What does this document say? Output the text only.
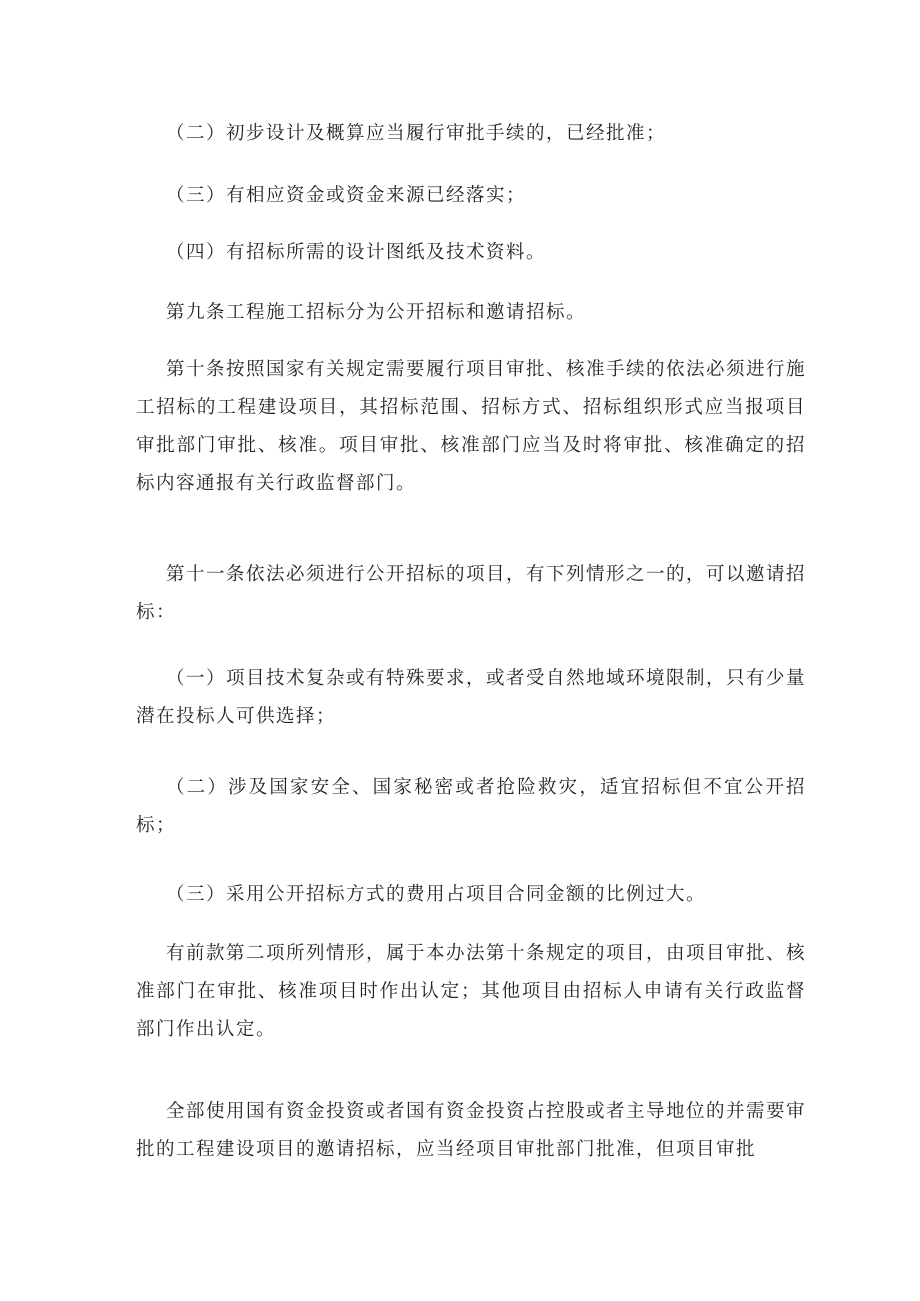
（二）初步设计及概算应当履行审批手续的，已经批准；

（三）有相应资金或资金来源已经落实；

（四）有招标所需的设计图纸及技术资料。

第九条工程施工招标分为公开招标和邀请招标。

第十条按照国家有关规定需要履行项目审批、核准手续的依法必须进行施工招标的工程建设项目，其招标范围、招标方式、招标组织形式应当报项目审批部门审批、核准。项目审批、核准部门应当及时将审批、核准确定的招标内容通报有关行政监督部门。

第十一条依法必须进行公开招标的项目，有下列情形之一的，可以邀请招标：

（一）项目技术复杂或有特殊要求，或者受自然地域环境限制，只有少量潜在投标人可供选择；

（二）涉及国家安全、国家秘密或者抢险救灾，适宜招标但不宜公开招标；

（三）采用公开招标方式的费用占项目合同金额的比例过大。

有前款第二项所列情形，属于本办法第十条规定的项目，由项目审批、核准部门在审批、核准项目时作出认定；其他项目由招标人申请有关行政监督部门作出认定。

全部使用国有资金投资或者国有资金投资占控股或者主导地位的并需要审批的工程建设项目的邀请招标，应当经项目审批部门批准，但项目审批
